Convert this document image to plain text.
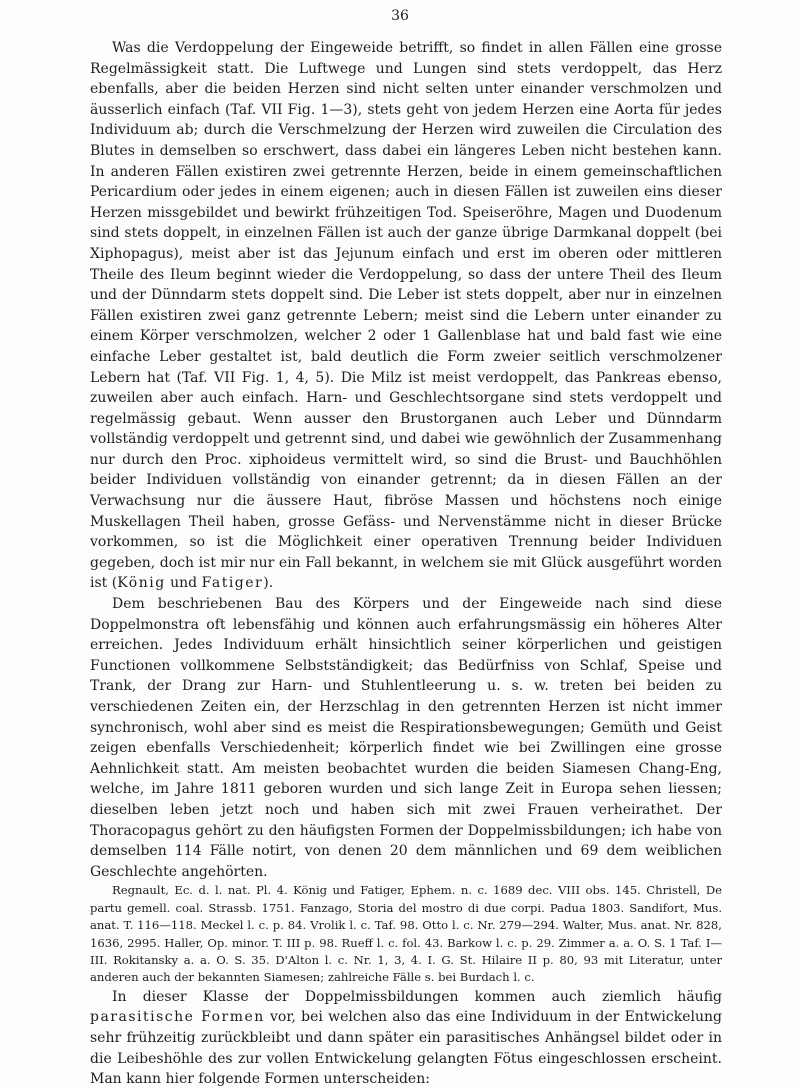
36

Was die Verdoppelung der Eingeweide betrifft, so findet in allen Fällen eine grosse Regelmässigkeit statt. Die Luftwege und Lungen sind stets verdoppelt, das Herz ebenfalls, aber die beiden Herzen sind nicht selten unter einander verschmolzen und äusserlich einfach (Taf. VII Fig. 1—3), stets geht von jedem Herzen eine Aorta für jedes Individuum ab; durch die Verschmelzung der Herzen wird zuweilen die Circulation des Blutes in demselben so erschwert, dass dabei ein längeres Leben nicht bestehen kann. In anderen Fällen existiren zwei getrennte Herzen, beide in einem gemeinschaftlichen Pericardium oder jedes in einem eigenen; auch in diesen Fällen ist zuweilen eins dieser Herzen missgebildet und bewirkt frühzeitigen Tod. Speiseröhre, Magen und Duodenum sind stets doppelt, in einzelnen Fällen ist auch der ganze übrige Darmkanal doppelt (bei Xiphopagus), meist aber ist das Jejunum einfach und erst im oberen oder mittleren Theile des Ileum beginnt wieder die Verdoppelung, so dass der untere Theil des Ileum und der Dünndarm stets doppelt sind. Die Leber ist stets doppelt, aber nur in einzelnen Fällen existiren zwei ganz getrennte Lebern; meist sind die Lebern unter einander zu einem Körper verschmolzen, welcher 2 oder 1 Gallenblase hat und bald fast wie eine einfache Leber gestaltet ist, bald deutlich die Form zweier seitlich verschmolzener Lebern hat (Taf. VII Fig. 1, 4, 5). Die Milz ist meist verdoppelt, das Pankreas ebenso, zuweilen aber auch einfach. Harn- und Geschlechtsorgane sind stets verdoppelt und regelmässig gebaut. Wenn ausser den Brustorganen auch Leber und Dünndarm vollständig verdoppelt und getrennt sind, und dabei wie gewöhnlich der Zusammenhang nur durch den Proc. xiphoideus vermittelt wird, so sind die Brust- und Bauchhöhlen beider Individuen vollständig von einander getrennt; da in diesen Fällen an der Verwachsung nur die äussere Haut, fibröse Massen und höchstens noch einige Muskellagen Theil haben, grosse Gefäss- und Nervenstämme nicht in dieser Brücke vorkommen, so ist die Möglichkeit einer operativen Trennung beider Individuen gegeben, doch ist mir nur ein Fall bekannt, in welchem sie mit Glück ausgeführt worden ist (König und Fatiger).

Dem beschriebenen Bau des Körpers und der Eingeweide nach sind diese Doppelmonstra oft lebensfähig und können auch erfahrungsmässig ein höheres Alter erreichen. Jedes Individuum erhält hinsichtlich seiner körperlichen und geistigen Functionen vollkommene Selbstständigkeit; das Bedürfniss von Schlaf, Speise und Trank, der Drang zur Harn- und Stuhlentleerung u. s. w. treten bei beiden zu verschiedenen Zeiten ein, der Herzschlag in den getrennten Herzen ist nicht immer synchronisch, wohl aber sind es meist die Respirationsbewegungen; Gemüth und Geist zeigen ebenfalls Verschiedenheit; körperlich findet wie bei Zwillingen eine grosse Aehnlichkeit statt. Am meisten beobachtet wurden die beiden Siamesen Chang-Eng, welche, im Jahre 1811 geboren wurden und sich lange Zeit in Europa sehen liessen; dieselben leben jetzt noch und haben sich mit zwei Frauen verheirathet. Der Thoracopagus gehört zu den häufigsten Formen der Doppelmissbildungen; ich habe von demselben 114 Fälle notirt, von denen 20 dem männlichen und 69 dem weiblichen Geschlechte angehörten.

Regnault, Ec. d. l. nat. Pl. 4. König und Fatiger, Ephem. n. c. 1689 dec. VIII obs. 145. Christell, De partu gemell. coal. Strassb. 1751. Fanzago, Storia del mostro di due corpi. Padua 1803. Sandifort, Mus. anat. T. 116—118. Meckel l. c. p. 84. Vrolik l. c. Taf. 98. Otto l. c. Nr. 279—294. Walter, Mus. anat. Nr. 828, 1636, 2995. Haller, Op. minor. T. III p. 98. Rueff l. c. fol. 43. Barkow l. c. p. 29. Zimmer a. a. O. S. 1 Taf. I—III. Rokitansky a. a. O. S. 35. D'Alton l. c. Nr. 1, 3, 4. I. G. St. Hilaire II p. 80, 93 mit Literatur, unter anderen auch der bekannten Siamesen; zahlreiche Fälle s. bei Burdach l. c.

In dieser Klasse der Doppelmissbildungen kommen auch ziemlich häufig parasitische Formen vor, bei welchen also das eine Individuum in der Entwickelung sehr frühzeitig zurückbleibt und dann später ein parasitisches Anhängsel bildet oder in die Leibeshöhle des zur vollen Entwickelung gelangten Fötus eingeschlossen erscheint. Man kann hier folgende Formen unterscheiden:
